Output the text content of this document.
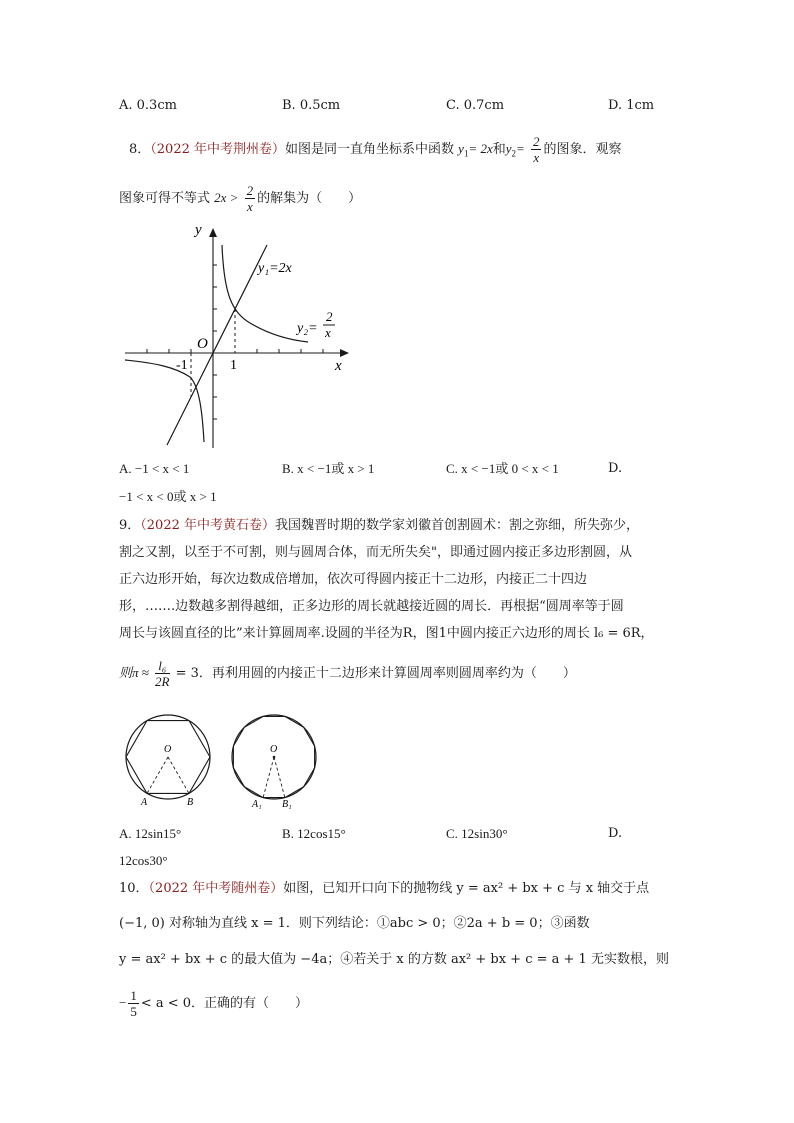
A. 0.3cm	B. 0.5cm	C. 0.7cm	D. 1cm
8．（2022 年中考荆州卷）如图是同一直角坐标系中函数 $y_1= 2x$和$y_2= \frac{2}{x}$ 的图象．观察
图象可得不等式 $2x > \frac{2}{x}$ 的解集为（　　）
y
x
O
-1	1
y₁=2x
y₂=
2
x
A. −1 < x < 1	B. x < −1或 x > 1	C. x < −1或 0 < x < 1	D.
−1 < x < 0或 x > 1
9．（2022 年中考黄石卷）我国魏晋时期的数学家刘徽首创割圆术：割之弥细，所失弥少，
割之又割，以至于不可割，则与圆周合体，而无所失矣"，即通过圆内接正多边形割圆，从
正六边形开始，每次边数成倍增加，依次可得圆内接正十二边形，内接正二十四边
形，…….边数越多割得越细，正多边形的周长就越接近圆的周长．再根据“圆周率等于圆
周长与该圆直径的比”来计算圆周率.设圆的半径为R，图1中圆内接正六边形的周长 l₆ = 6R，
则$\pi \approx \frac{\text{l₆}}{2R} = 3$．再利用圆的内接正十二边形来计算圆周率则圆周率约为（　　）
O
A	B
O
A₁ B₁
A. 12sin15°	B. 12cos15°	C. 12sin30°	D.
12cos30°
10．（2022 年中考随州卷）如图，已知开口向下的抛物线 y = ax² + bx + c 与 x 轴交于点
(−1, 0) 对称轴为直线 x = 1．则下列结论：①abc > 0；②2a + b = 0；③函数
y = ax² + bx + c 的最大值为 −4a；④若关于 x 的方数 ax² + bx + c = a + 1 无实数根，则
− $\frac{1}{5} < a < 0$．正确的有（　　）
